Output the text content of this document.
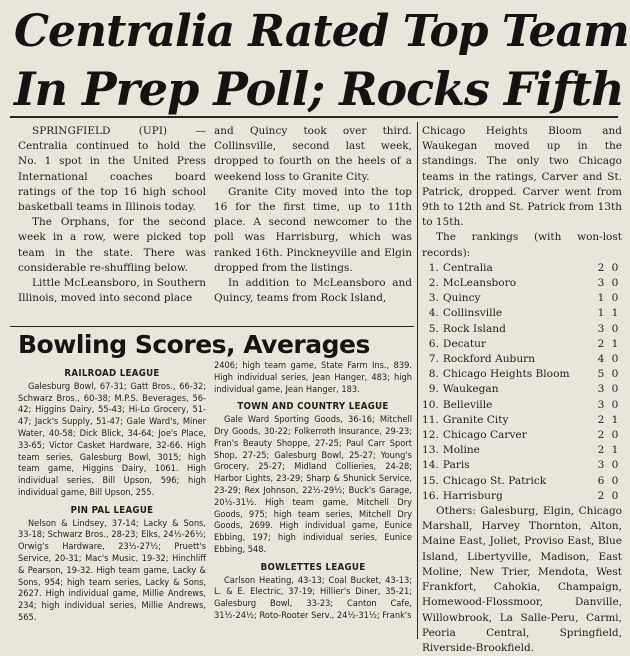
Centralia Rated Top Team
In Prep Poll; Rocks Fifth

SPRINGFIELD (UPI) — Centralia continued to hold the No. 1 spot in the United Press International coaches board ratings of the top 16 high school basketball teams in Illinois today.

The Orphans, for the second week in a row, were picked top team in the state. There was considerable re-shuffling below.

Little McLeansboro, in Southern Illinois, moved into second place

and Quincy took over third. Collinsville, second last week, dropped to fourth on the heels of a weekend loss to Granite City.

Granite City moved into the top 16 for the first time, up to 11th place. A second newcomer to the poll was Harrisburg, which was ranked 16th. Pinckneyville and Elgin dropped from the listings.

In addition to McLeansboro and Quincy, teams from Rock Island,

Chicago Heights Bloom and Waukegan moved up in the standings. The only two Chicago teams in the ratings, Carver and St. Patrick, dropped. Carver went from 9th to 12th and St. Patrick from 13th to 15th.

The rankings (with won-lost records):

1.	Centralia	2	0
2.	McLeansboro	3	0
3.	Quincy	1	0
4.	Collinsville	1	1
5.	Rock Island	3	0
6.	Decatur	2	1
7.	Rockford Auburn	4	0
8.	Chicago Heights Bloom	5	0
9.	Waukegan	3	0
10.	Belleville	3	0
11.	Granite City	2	1
12.	Chicago Carver	2	0
13.	Moline	2	1
14.	Paris	3	0
15.	Chicago St. Patrick	6	0
16.	Harrisburg	2	0

Others: Galesburg, Elgin, Chicago Marshall, Harvey Thornton, Alton, Maine East, Joliet, Proviso East, Blue Island, Libertyville, Madison, East Moline, New Trier, Mendota, West Frankfort, Cahokia, Champaign, Homewood-Flossmoor, Danville, Willowbrook, La Salle-Peru, Carmi, Peoria Central, Springfield, Riverside-Brookfield.

Bowling Scores, Averages
RAILROAD LEAGUE

Galesburg Bowl, 67-31; Gatt Bros., 66-32; Schwarz Bros., 60-38; M.P.S. Beverages, 56-42; Higgins Dairy, 55-43; Hi-Lo Grocery, 51-47; Jack's Supply, 51-47; Gale Ward's, Miner Water, 40-58; Dick Blick, 34-64; Joe's Place, 33-65; Victor Casket Hardware, 32-66. High team series, Galesburg Bowl, 3015; high team game, Higgins Dairy, 1061. High individual series, Bill Upson, 596; high individual game, Bill Upson, 255.

PIN PAL LEAGUE

Nelson & Lindsey, 37-14; Lacky & Sons, 33-18; Schwarz Bros., 28-23; Elks, 24½-26½; Orwig's Hardware, 23½-27½; Pruett's Service, 20-31; Mac's Music, 19-32; Hinchliff & Pearson, 19-32. High team game, Lacky & Sons, 954; high team series, Lacky & Sons, 2627. High individual game, Millie Andrews, 234; high individual series, Millie Andrews, 565.

2406; high team game, State Farm Ins., 839. High individual series, Jean Hanger, 483; high individual game, Jean Hanger, 183.

TOWN AND COUNTRY LEAGUE

Gale Ward Sporting Goods, 36-16; Mitchell Dry Goods, 30-22; Folkerroth Insurance, 29-23; Fran's Beauty Shoppe, 27-25; Paul Carr Sport Shop, 27-25; Galesburg Bowl, 25-27; Young's Grocery, 25-27; Midland Collieries, 24-28; Harbor Lights, 23-29; Sharp & Shunick Service, 23-29; Rex Johnson, 22½-29½; Buck's Garage, 20½-31½. High team game, Mitchell Dry Goods, 975; high team series, Mitchell Dry Goods, 2699. High individual game, Eunice Ebbing, 197; high individual series, Eunice Ebbing, 548.

BOWLETTES LEAGUE

Carlson Heating, 43-13; Coal Bucket, 43-13; L. & E. Electric, 37-19; Hillier's Diner, 35-21; Galesburg Bowl, 33-23; Canton Cafe, 31½-24½; Roto-Rooter Serv., 24½-31½; Frank's
